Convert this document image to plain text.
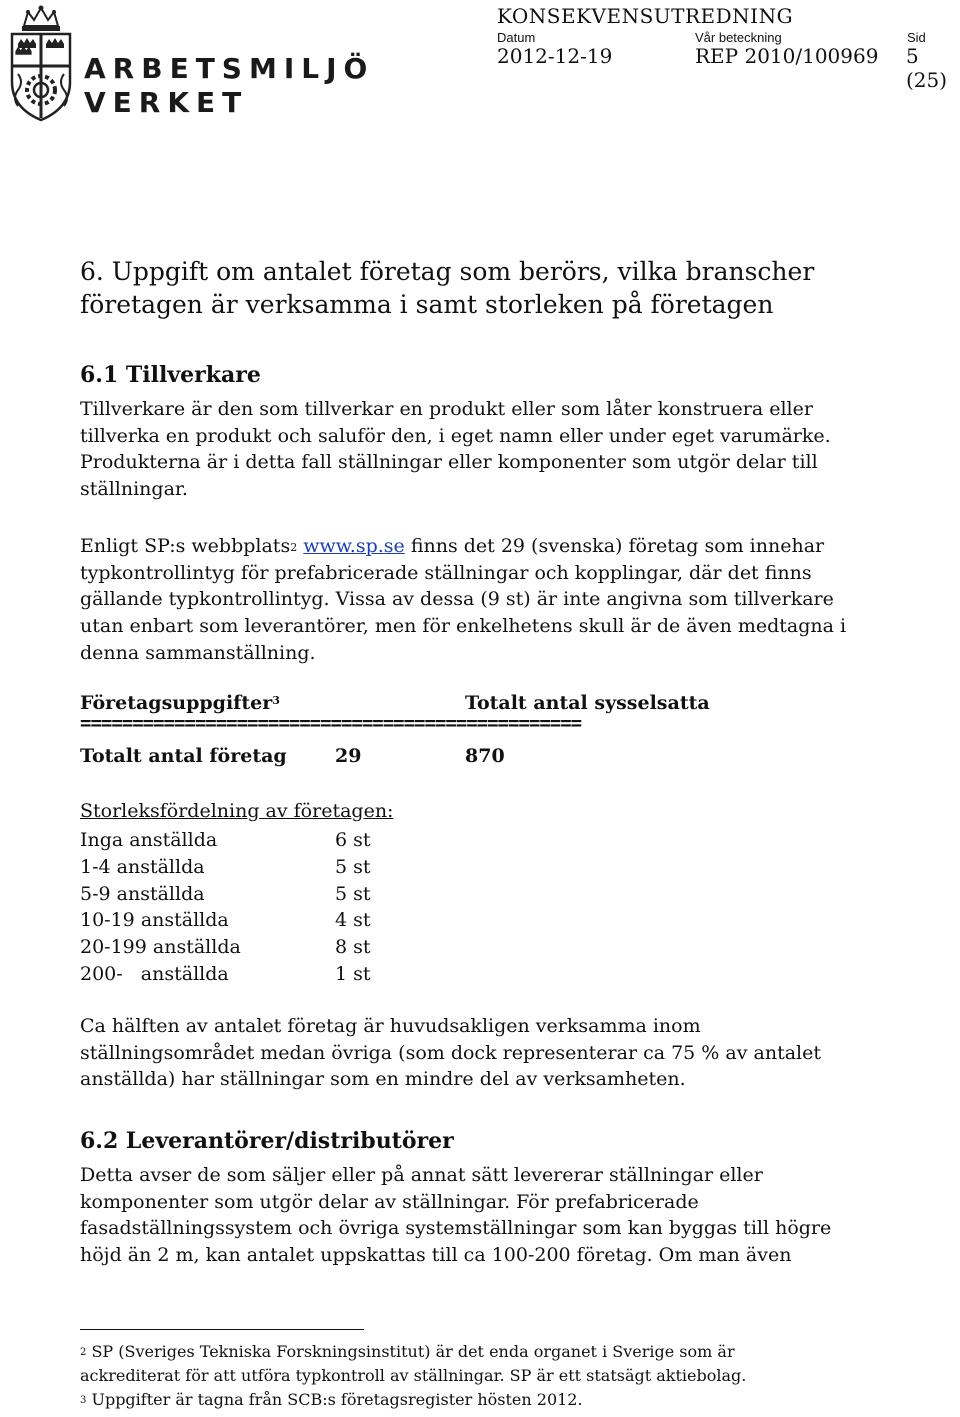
ARBETSMILJÖ
VERKET
KONSEKVENSUTREDNING
Datum	Vår beteckning	Sid
2012-12-19	REP 2010/100969 5 (25)
6. Uppgift om antalet företag som berörs, vilka branscher företagen är verksamma i samt storleken på företagen
6.1 Tillverkare
Tillverkare är den som tillverkar en produkt eller som låter konstruera eller
tillverka en produkt och saluför den, i eget namn eller under eget varumärke.
Produkterna är i detta fall ställningar eller komponenter som utgör delar till
ställningar.
Enligt SP:s webbplats$^2$ www.sp.se finns det 29 (svenska) företag som innehar
typkontrollintyg för prefabricerade ställningar och kopplingar, där det finns
gällande typkontrollintyg. Vissa av dessa (9 st) är inte angivna som tillverkare
utan enbart som leverantörer, men för enkelhetens skull är de även medtagna i
denna sammanställning.
Företagsuppgifter$^3$	Totalt antal sysselsatta
================================================
Totalt antal företag	29	870
Storleksfördelning av företagen:
Inga anställda	6 st
1-4 anställda	5 st
5-9 anställda	5 st
10-19 anställda	4 st
20-199 anställda	8 st
200-   anställda	1 st
Ca hälften av antalet företag är huvudsakligen verksamma inom
ställningsområdet medan övriga (som dock representerar ca 75 % av antalet
anställda) har ställningar som en mindre del av verksamheten.
6.2 Leverantörer/distributörer
Detta avser de som säljer eller på annat sätt levererar ställningar eller
komponenter som utgör delar av ställningar. För prefabricerade
fasadställningssystem och övriga systemställningar som kan byggas till högre
höjd än 2 m, kan antalet uppskattas till ca 100-200 företag. Om man även
$^2$ SP (Sveriges Tekniska Forskningsinstitut) är det enda organet i Sverige som är
ackrediterat för att utföra typkontroll av ställningar. SP är ett statsägt aktiebolag.
$^3$ Uppgifter är tagna från SCB:s företagsregister hösten 2012.
